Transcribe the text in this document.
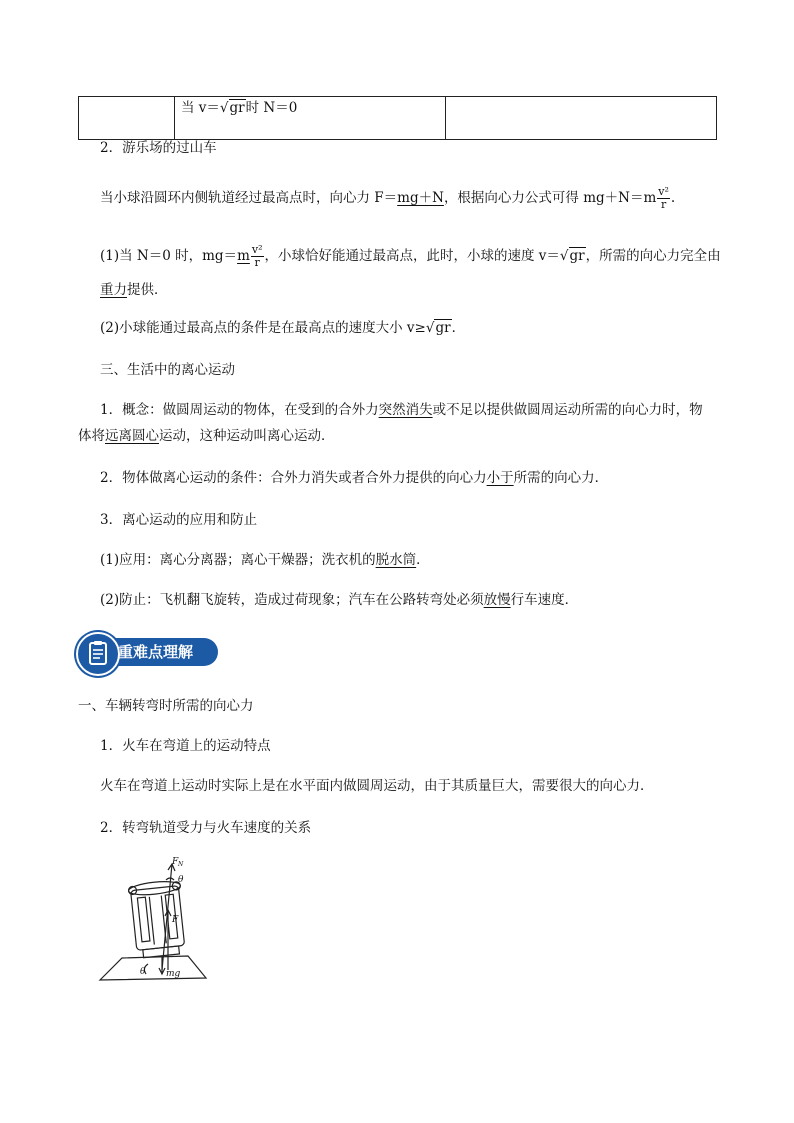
	当 v＝√gr时 N＝0	
2．游乐场的过山车
当小球沿圆环内侧轨道经过最高点时，向心力 F＝mg＋N，根据向心力公式可得 $mg+N=m \frac{\text{v²}}{r}$ .
(1)当 N＝0 时，$mg=m \frac{\text{v²}}{r}$ ，小球恰好能通过最高点，此时，小球的速度 v＝√gr，所需的向心力完全由
重力提供．
(2)小球能通过最高点的条件是在最高点的速度大小 v≥√gr．
三、生活中的离心运动
1．概念：做圆周运动的物体，在受到的合外力突然消失或不足以提供做圆周运动所需的向心力时，物
体将远离圆心运动，这种运动叫离心运动．
2．物体做离心运动的条件：合外力消失或者合外力提供的向心力小于所需的向心力．
3．离心运动的应用和防止
(1)应用：离心分离器；离心干燥器；洗衣机的脱水筒．
(2)防止：飞机翻飞旋转，造成过荷现象；汽车在公路转弯处必须放慢行车速度．
重难点理解
一、车辆转弯时所需的向心力
1．火车在弯道上的运动特点
火车在弯道上运动时实际上是在水平面内做圆周运动，由于其质量巨大，需要很大的向心力．
2．转弯轨道受力与火车速度的关系
F N
θ
F
θ mg
